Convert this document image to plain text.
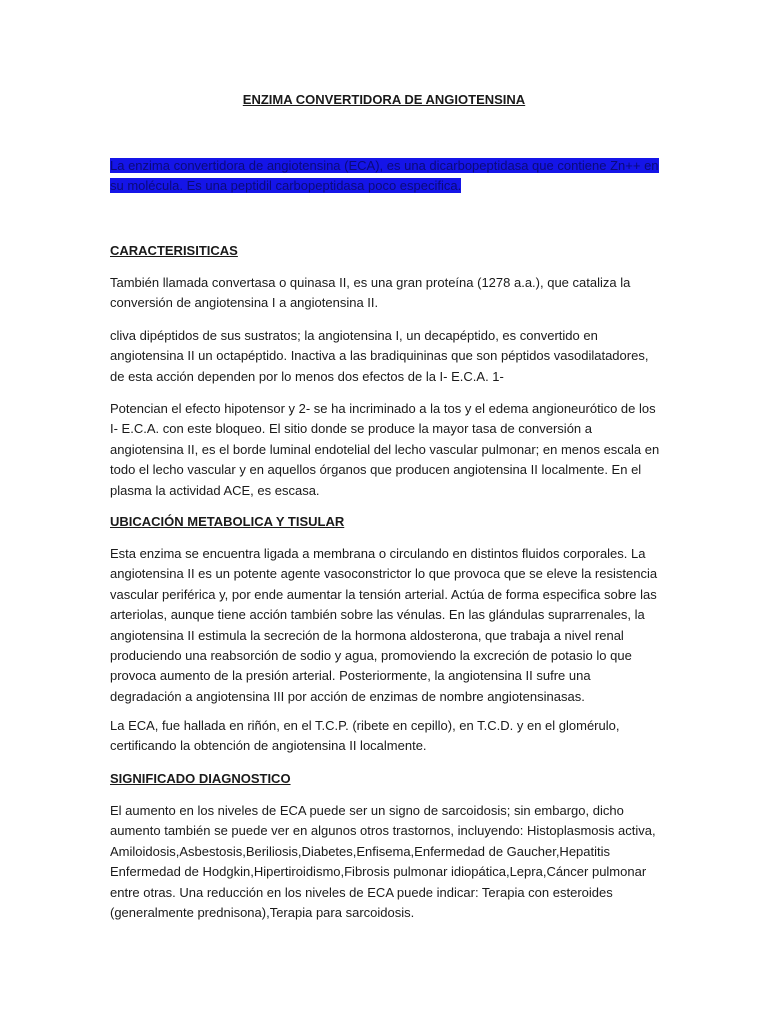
ENZIMA CONVERTIDORA DE ANGIOTENSINA

La enzima convertidora de angiotensina (ECA), es una dicarbopeptidasa que contiene Zn++ en su molécula. Es una peptidil carbopeptidasa poco especifica.

CARACTERISITICAS

También llamada convertasa o quinasa II, es una gran proteína (1278 a.a.), que cataliza la conversión de angiotensina I a angiotensina II.

cliva dipéptidos de sus sustratos; la angiotensina I, un decapéptido, es convertido en angiotensina II un octapéptido. Inactiva a las bradiquininas que son péptidos vasodilatadores, de esta acción dependen por lo menos dos efectos de la I- E.C.A. 1-

Potencian el efecto hipotensor y 2- se ha incriminado a la tos y el edema angioneurótico de los I- E.C.A. con este bloqueo. El sitio donde se produce la mayor tasa de conversión a angiotensina II, es el borde luminal endotelial del lecho vascular pulmonar; en menos escala en todo el lecho vascular y en aquellos órganos que producen angiotensina II localmente. En el plasma la actividad ACE, es escasa.

UBICACIÓN METABOLICA Y TISULAR

Esta enzima se encuentra ligada a membrana o circulando en distintos fluidos corporales. La angiotensina II es un potente agente vasoconstrictor lo que provoca que se eleve la resistencia vascular periférica y, por ende aumentar la tensión arterial. Actúa de forma especifica sobre las arteriolas, aunque tiene acción también sobre las vénulas. En las glándulas suprarrenales, la angiotensina II estimula la secreción de la hormona aldosterona, que trabaja a nivel renal produciendo una reabsorción de sodio y agua, promoviendo la excreción de potasio lo que provoca aumento de la presión arterial. Posteriormente, la angiotensina II sufre una degradación a angiotensina III por acción de enzimas de nombre angiotensinasas.

La ECA, fue hallada en riñón, en el T.C.P. (ribete en cepillo), en T.C.D. y en el glomérulo, certificando la obtención de angiotensina II localmente.

SIGNIFICADO DIAGNOSTICO

El aumento en los niveles de ECA puede ser un signo de sarcoidosis; sin embargo, dicho aumento también se puede ver en algunos otros trastornos, incluyendo: Histoplasmosis activa, Amiloidosis,Asbestosis,Beriliosis,Diabetes,Enfisema,Enfermedad de Gaucher,Hepatitis Enfermedad de Hodgkin,Hipertiroidismo,Fibrosis pulmonar idiopática,Lepra,Cáncer pulmonar entre otras. Una reducción en los niveles de ECA puede indicar: Terapia con esteroides (generalmente prednisona),Terapia para sarcoidosis.
